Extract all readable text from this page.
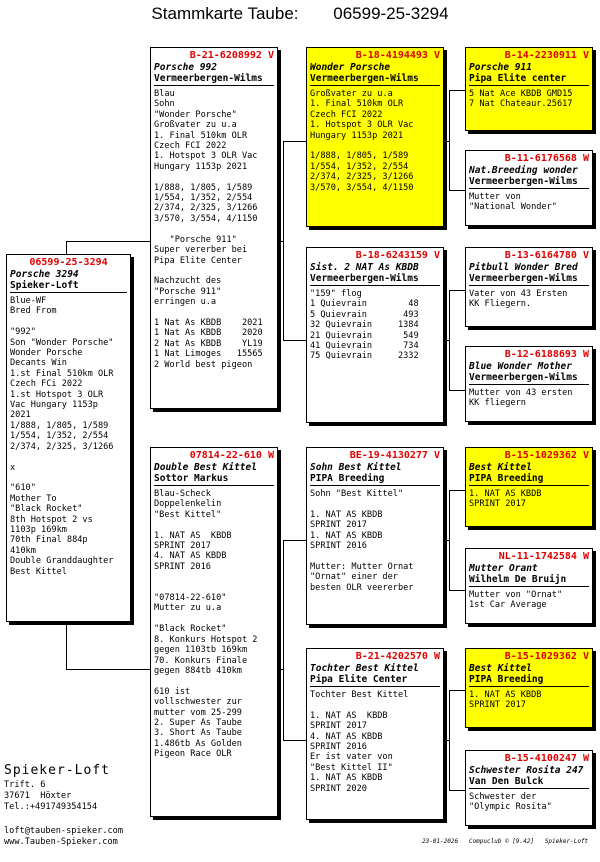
Stammkarte Taube: 06599-25-3294
06599-25-3294
Porsche 3294
Spieker-Loft
Blue-WF
Bred From

"992"
Son "Wonder Porsche"
Wonder Porsche
Decants Win
1.st Final 510km OLR
Czech FCi 2022
1.st Hotspot 3 OLR
Vac Hungary 1153p
2021
1/888, 1/805, 1/589
1/554, 1/352, 2/554
2/374, 2/325, 3/1266

x

"610"
Mother To
"Black Rocket"
8th Hotspot 2 vs
1103p 169km
70th Final 884p
410km
Double Granddaughter
Best Kittel
B-21-6208992 V
Porsche 992
Vermeerbergen-Wilms
Blau
Sohn
"Wonder Porsche"
Großvater zu u.a
1. Final 510km OLR
Czech FCI 2022
1. Hotspot 3 OLR Vac
Hungary 1153p 2021

1/888, 1/805, 1/589
1/554, 1/352, 2/554
2/374, 2/325, 3/1266
3/570, 3/554, 4/1150

"Porsche 911"
Super vererber bei
Pipa Elite Center

Nachzucht des
"Porsche 911"
erringen u.a

1 Nat As KBDB    2021
1 Nat As KBDB    2020
2 Nat As KBDB    YL19
1 Nat Limoges   15565
2 World best pigeon
07814-22-610 W
Double Best Kittel
Sottor Markus
Blau-Scheck
Doppelenkelin
"Best Kittel"

1. NAT AS  KBDB
SPRINT 2017
4. NAT AS KBDB
SPRINT 2016

"07814-22-610"
Mutter zu u.a

"Black Rocket"
8. Konkurs Hotspot 2
gegen 1103tb 169km
70. Konkurs Finale
gegen 884tb 410km

610 ist
vollschwester zur
mutter vom 25-299
2. Super As Taube
3. Short As Taube
1.486tb As Golden
Pigeon Race OLR
B-18-4194493 V
Wonder Porsche
Vermeerbergen-Wilms
Großvater zu u.a
1. Final 510km OLR
Czech FCI 2022
1. Hotspot 3 OLR Vac
Hungary 1153p 2021

1/888, 1/805, 1/589
1/554, 1/352, 2/554
2/374, 2/325, 3/1266
3/570, 3/554, 4/1150
B-18-6243159 V
Sist. 2 NAT As KBDB
Vermeerbergen-Wilms
"159" flog
1 Quievrain        48
5 Quievrain       493
32 Quievrain     1384
21 Quievrain      549
41 Quievrain      734
75 Quievrain     2332
BE-19-4130277 V
Sohn Best Kittel
PIPA Breeding
Sohn "Best Kittel"

1. NAT AS KBDB
SPRINT 2017
1. NAT AS KBDB
SPRINT 2016

Mutter: Mutter Ornat
"Ornat" einer der
besten OLR veererber
B-21-4202570 W
Tochter Best Kittel
Pipa Elite Center
Tochter Best Kittel

1. NAT AS  KBDB
SPRINT 2017
4. NAT AS KBDB
SPRINT 2016
Er ist vater von
"Best Kittel II"
1. NAT AS KBDB
SPRINT 2020
B-14-2230911 V
Porsche 911
Pipa Elite center
5 Nat Ace KBDB GMD15
7 Nat Chateaur.25617
B-11-6176568 W
Nat.Breeding wonder
Vermeerbergen-Wilms
Mutter von
"National Wonder"
B-13-6164780 V
Pitbull Wonder Bred
Vermeerbergen-Wilms
Vater von 43 Ersten
KK Fliegern.
B-12-6188693 W
Blue Wonder Mother
Vermeerbergen-Wilms
Mutter von 43 ersten
KK fliegern
B-15-1029362 V
Best Kittel
PIPA Breeding
1. NAT AS KBDB
SPRINT 2017
NL-11-1742584 W
Mutter Orant
Wilhelm De Bruijn
Mutter von "Ornat"
1st Car Average
B-15-1029362 V
Best Kittel
PIPA Breeding
1. NAT AS KBDB
SPRINT 2017
B-15-4100247 W
Schwester Rosita 247
Van Den Bulck
Schwester der
"Olympic Rosita"
Spieker-Loft
Trift. 6
37671  Höxter
Tel.:+491749354154
loft@tauben-spieker.com
www.Tauben-Spieker.com	23-01-2026   Compuclub © [9.42]   Spieker-Loft
